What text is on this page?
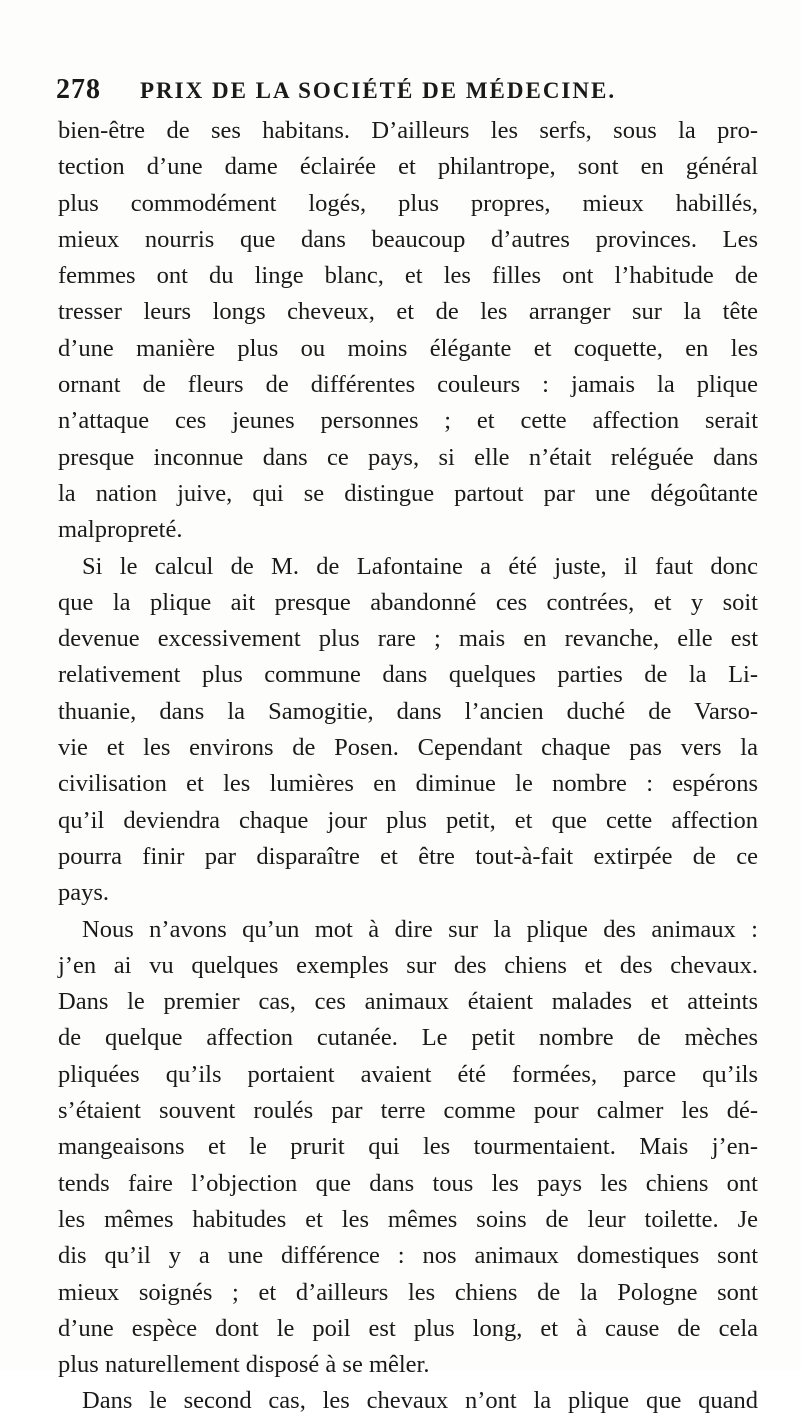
278	PRIX DE LA SOCIÉTÉ DE MÉDECINE.
bien-être de ses habitans. D’ailleurs les serfs, sous la pro-
tection d’une dame éclairée et philantrope, sont en général
plus commodément logés, plus propres, mieux habillés,
mieux nourris que dans beaucoup d’autres provinces. Les
femmes ont du linge blanc, et les filles ont l’habitude de
tresser leurs longs cheveux, et de les arranger sur la tête
d’une manière plus ou moins élégante et coquette, en les
ornant de fleurs de différentes couleurs : jamais la plique
n’attaque ces jeunes personnes ; et cette affection serait
presque inconnue dans ce pays, si elle n’était reléguée dans
la nation juive, qui se distingue partout par une dégoûtante
malpropreté.
Si le calcul de M. de Lafontaine a été juste, il faut donc
que la plique ait presque abandonné ces contrées, et y soit
devenue excessivement plus rare ; mais en revanche, elle est
relativement plus commune dans quelques parties de la Li-
thuanie, dans la Samogitie, dans l’ancien duché de Varso-
vie et les environs de Posen. Cependant chaque pas vers la
civilisation et les lumières en diminue le nombre : espérons
qu’il deviendra chaque jour plus petit, et que cette affection
pourra finir par disparaître et être tout-à-fait extirpée de ce
pays.
Nous n’avons qu’un mot à dire sur la plique des animaux :
j’en ai vu quelques exemples sur des chiens et des chevaux.
Dans le premier cas, ces animaux étaient malades et atteints
de quelque affection cutanée. Le petit nombre de mèches
pliquées qu’ils portaient avaient été formées, parce qu’ils
s’étaient souvent roulés par terre comme pour calmer les dé-
mangeaisons et le prurit qui les tourmentaient. Mais j’en-
tends faire l’objection que dans tous les pays les chiens ont
les mêmes habitudes et les mêmes soins de leur toilette. Je
dis qu’il y a une différence : nos animaux domestiques sont
mieux soignés ; et d’ailleurs les chiens de la Pologne sont
d’une espèce dont le poil est plus long, et à cause de cela
plus naturellement disposé à se mêler.
Dans le second cas, les chevaux n’ont la plique que quand
